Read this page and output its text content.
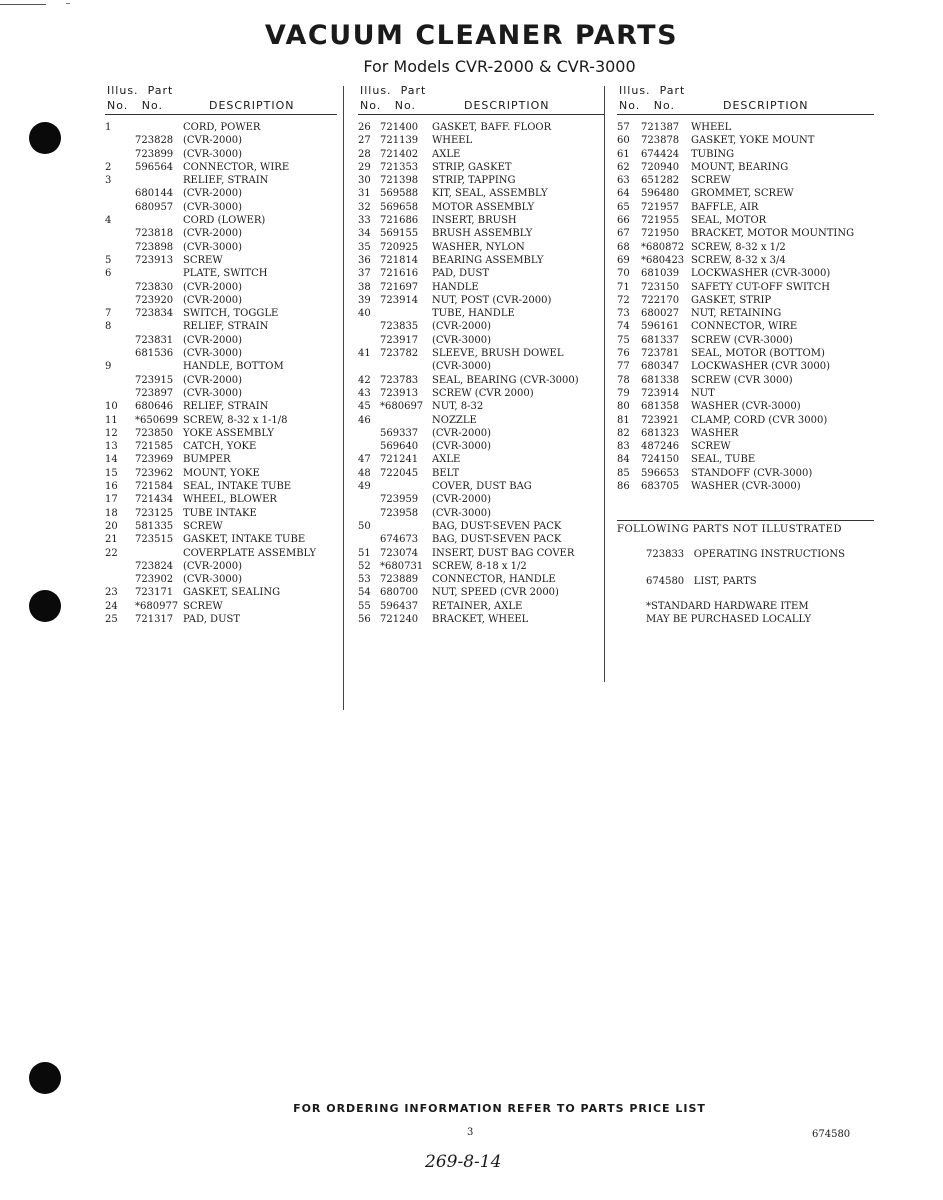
VACUUM CLEANER PARTS
For Models CVR-2000 & CVR-3000
Illus. Part
No. No.	DESCRIPTION
1	CORD, POWER
723828 (CVR-2000)
723899 (CVR-3000)
2	596564 CONNECTOR, WIRE
3	RELIEF, STRAIN
680144 (CVR-2000)
680957 (CVR-3000)
4	CORD (LOWER)
723818 (CVR-2000)
723898 (CVR-3000)
5	723913 SCREW
6	PLATE, SWITCH
723830 (CVR-2000)
723920 (CVR-2000)
7	723834 SWITCH, TOGGLE
8	RELIEF, STRAIN
723831 (CVR-2000)
681536 (CVR-3000)
9	HANDLE, BOTTOM
723915 (CVR-2000)
723897 (CVR-3000)
10	680646 RELIEF, STRAIN
11	*650699 SCREW, 8-32 x 1-1/8
12	723850 YOKE ASSEMBLY
13	721585 CATCH, YOKE
14	723969 BUMPER
15	723962 MOUNT, YOKE
16	721584 SEAL, INTAKE TUBE
17	721434 WHEEL, BLOWER
18	723125 TUBE INTAKE
20	581335 SCREW
21	723515 GASKET, INTAKE TUBE
22	COVERPLATE ASSEMBLY
723824 (CVR-2000)
723902 (CVR-3000)
23	723171 GASKET, SEALING
24	*680977 SCREW
25	721317 PAD, DUST
Illus. Part
No. No.	DESCRIPTION
26 721400	GASKET, BAFF. FLOOR
27 721139	WHEEL
28 721402	AXLE
29 721353	STRIP, GASKET
30 721398	STRIP, TAPPING
31 569588	KIT, SEAL, ASSEMBLY
32 569658	MOTOR ASSEMBLY
33 721686	INSERT, BRUSH
34 569155	BRUSH ASSEMBLY
35 720925	WASHER, NYLON
36 721814	BEARING ASSEMBLY
37 721616	PAD, DUST
38 721697	HANDLE
39 723914	NUT, POST (CVR-2000)
40	TUBE, HANDLE
723835	(CVR-2000)
723917	(CVR-3000)
41 723782	SLEEVE, BRUSH DOWEL
(CVR-3000)
42 723783	SEAL, BEARING (CVR-3000)
43 723913	SCREW (CVR 2000)
45 *680697 NUT, 8-32
46	NOZZLE
569337	(CVR-2000)
569640	(CVR-3000)
47 721241	AXLE
48 722045	BELT
49	COVER, DUST BAG
723959	(CVR-2000)
723958	(CVR-3000)
50	BAG, DUST-SEVEN PACK
674673	BAG, DUST-SEVEN PACK
51 723074	INSERT, DUST BAG COVER
52 *680731 SCREW, 8-18 x 1/2
53 723889	CONNECTOR, HANDLE
54 680700	NUT, SPEED (CVR 2000)
55 596437	RETAINER, AXLE
56 721240	BRACKET, WHEEL
Illus. Part
No. No.	DESCRIPTION
57	721387	WHEEL
60	723878	GASKET, YOKE MOUNT
61	674424	TUBING
62	720940	MOUNT, BEARING
63	651282	SCREW
64	596480	GROMMET, SCREW
65	721957	BAFFLE, AIR
66	721955	SEAL, MOTOR
67	721950	BRACKET, MOTOR MOUNTING
68	*680872 SCREW, 8-32 x 1/2
69	*680423 SCREW, 8-32 x 3/4
70	681039	LOCKWASHER (CVR-3000)
71	723150	SAFETY CUT-OFF SWITCH
72	722170	GASKET, STRIP
73	680027	NUT, RETAINING
74	596161	CONNECTOR, WIRE
75	681337	SCREW (CVR-3000)
76	723781	SEAL, MOTOR (BOTTOM)
77	680347	LOCKWASHER (CVR 3000)
78	681338	SCREW (CVR 3000)
79	723914	NUT
80	681358	WASHER (CVR-3000)
81	723921	CLAMP, CORD (CVR 3000)
82	681323	WASHER
83	487246	SCREW
84	724150	SEAL, TUBE
85	596653	STANDOFF (CVR-3000)
86	683705	WASHER (CVR-3000)
FOLLOWING PARTS NOT ILLUSTRATED
723833 OPERATING INSTRUCTIONS
674580 LIST, PARTS
*STANDARD HARDWARE ITEM
MAY BE PURCHASED LOCALLY
FOR ORDERING INFORMATION REFER TO PARTS PRICE LIST
3	674580
269-8-14
